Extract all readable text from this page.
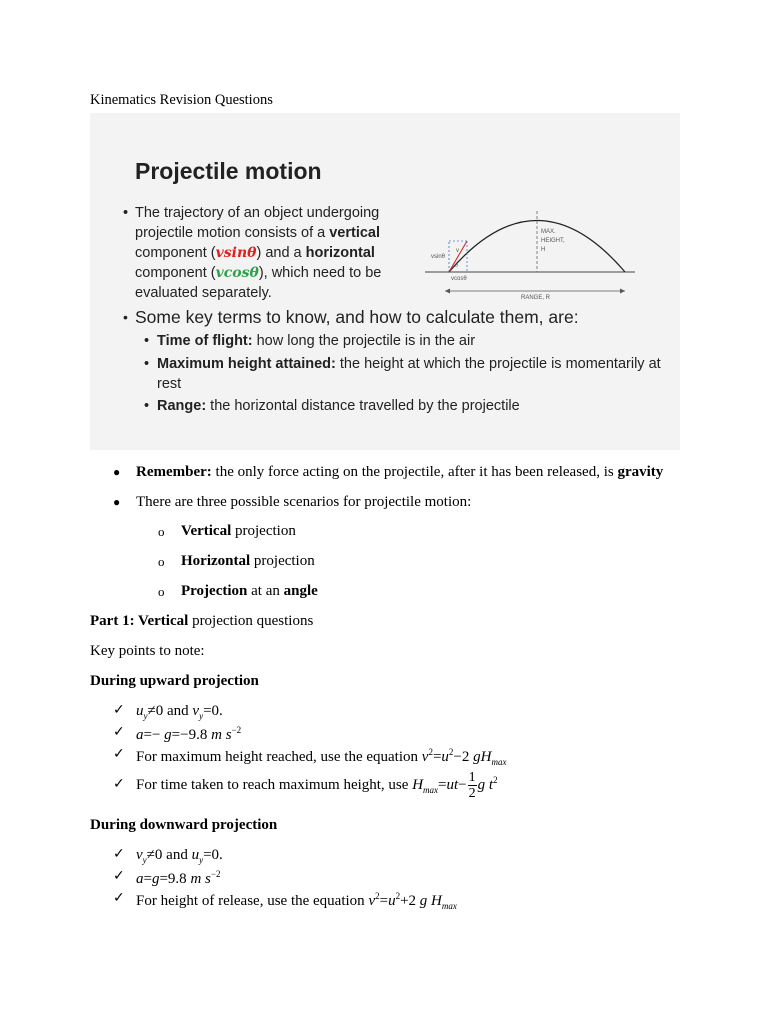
Kinematics Revision Questions
Projectile motion
• The trajectory of an object undergoing projectile motion consists of a vertical component (vsinθ) and a horizontal component (vcosθ), which need to be evaluated separately.
vsinθ
v
θ
vcosθ
MAX.
HEIGHT,
H
RANGE, R
• Some key terms to know, and how to calculate them, are:
• Time of flight: how long the projectile is in the air
• Maximum height attained: the height at which the projectile is momentarily at rest
• Range: the horizontal distance travelled by the projectile
● Remember: the only force acting on the projectile, after it has been released, is gravity
● There are three possible scenarios for projectile motion:
o Vertical projection
o Horizontal projection
o Projection at an angle
Part 1: Vertical projection questions
Key points to note:
During upward projection
✓ $u_y\ne 0$ and $v_y=0$.
✓ a=− g=−9.8 m $s^{-2}$
✓ For maximum height reached, use the equation $v^2=u^2-2$ $gH_{max}$
✓ For time taken to reach maximum height, use $H_{max}=ut- \frac{1}{2}$ g $t^2$
During downward projection
✓ $v_y\ne 0$ and $u_y=0$.
✓ a=g=9.8 m $s^{-2}$
✓ For height of release, use the equation $v^2=u^2+2$ g $H_{max}$
